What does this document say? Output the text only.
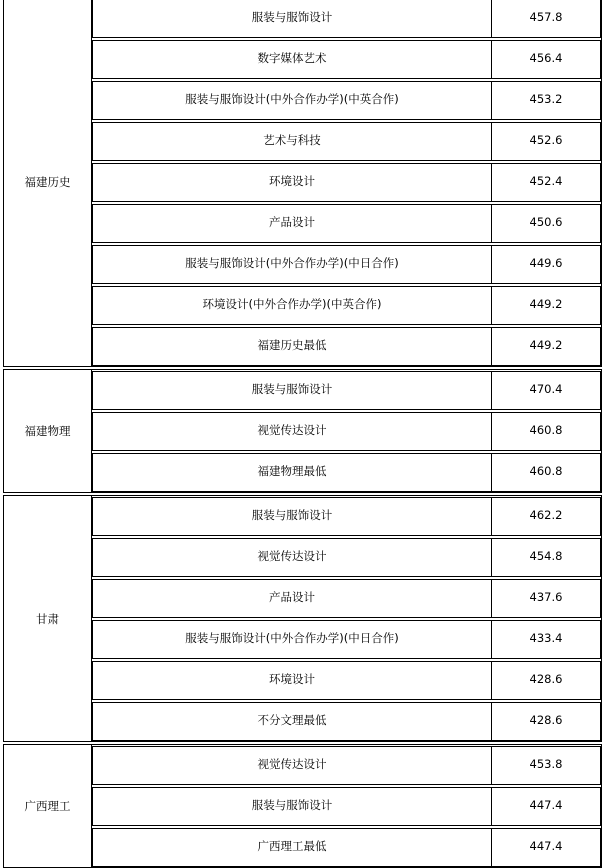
福建历史
服装与服饰设计	457.8
数字媒体艺术	456.4
服装与服饰设计(中外合作办学)(中英合作)	453.2
艺术与科技	452.6
环境设计	452.4
产品设计	450.6
服装与服饰设计(中外合作办学)(中日合作)	449.6
环境设计(中外合作办学)(中英合作)	449.2
福建历史最低	449.2
福建物理
服装与服饰设计	470.4
视觉传达设计	460.8
福建物理最低	460.8
甘肃
服装与服饰设计	462.2
视觉传达设计	454.8
产品设计	437.6
服装与服饰设计(中外合作办学)(中日合作)	433.4
环境设计	428.6
不分文理最低	428.6
广西理工
视觉传达设计	453.8
服装与服饰设计	447.4
广西理工最低	447.4
